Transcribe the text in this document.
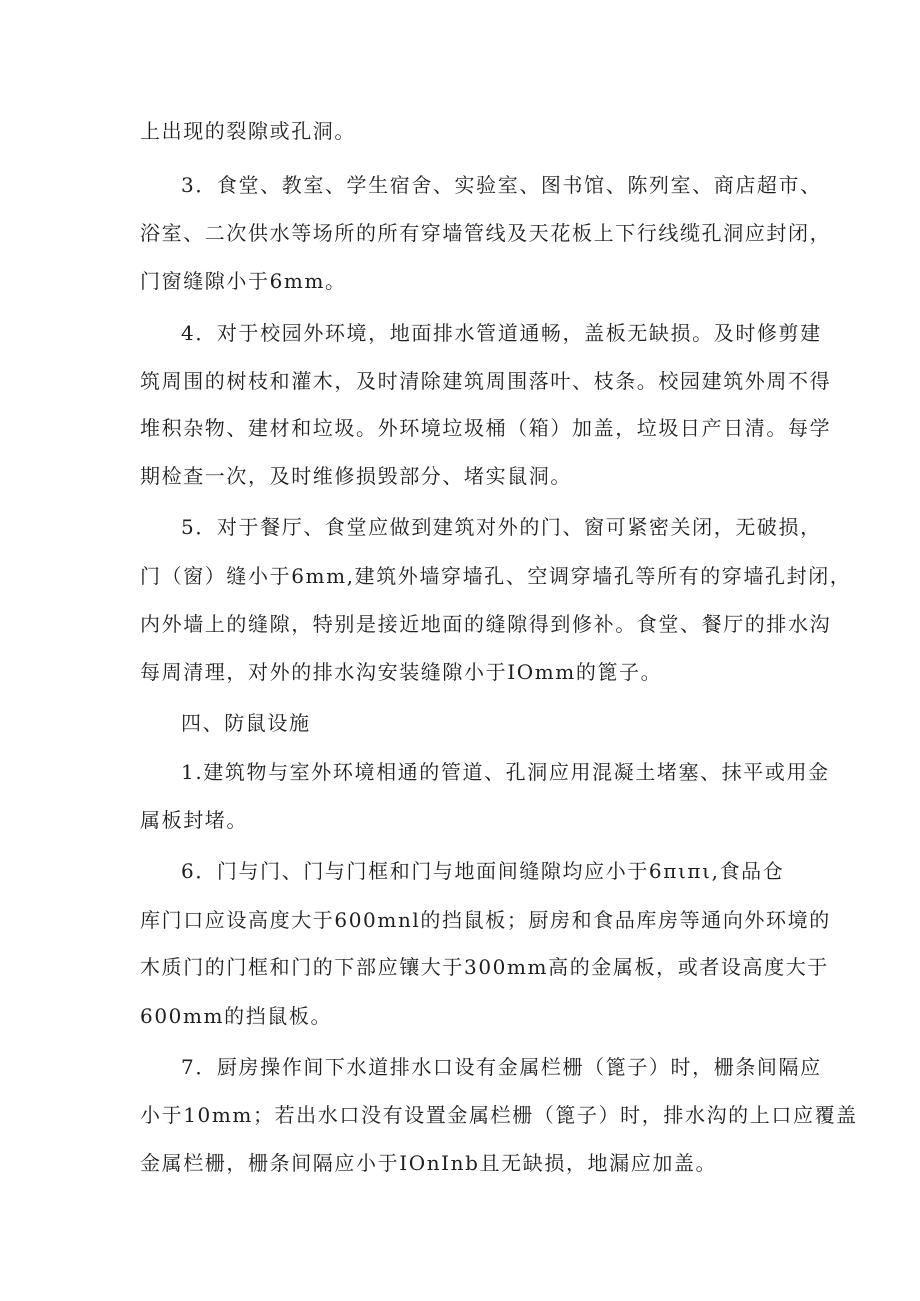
上出现的裂隙或孔洞。
3．食堂、教室、学生宿舍、实验室、图书馆、陈列室、商店超市、
浴室、二次供水等场所的所有穿墙管线及天花板上下行线缆孔洞应封闭，
门窗缝隙小于6mm。
4．对于校园外环境，地面排水管道通畅，盖板无缺损。及时修剪建
筑周围的树枝和灌木，及时清除建筑周围落叶、枝条。校园建筑外周不得
堆积杂物、建材和垃圾。外环境垃圾桶（箱）加盖，垃圾日产日清。每学
期检查一次，及时维修损毁部分、堵实鼠洞。
5．对于餐厅、食堂应做到建筑对外的门、窗可紧密关闭，无破损，
门（窗）缝小于6mm,建筑外墙穿墙孔、空调穿墙孔等所有的穿墙孔封闭，
内外墙上的缝隙，特别是接近地面的缝隙得到修补。食堂、餐厅的排水沟
每周清理，对外的排水沟安装缝隙小于IOmm的篦子。
四、防鼠设施
1.建筑物与室外环境相通的管道、孔洞应用混凝土堵塞、抹平或用金
属板封堵。
6．门与门、门与门框和门与地面间缝隙均应小于6πιπι,食品仓
库门口应设高度大于600mnl的挡鼠板；厨房和食品库房等通向外环境的
木质门的门框和门的下部应镶大于300mm高的金属板，或者设高度大于
600mm的挡鼠板。
7．厨房操作间下水道排水口设有金属栏栅（篦子）时，栅条间隔应
小于10mm；若出水口没有设置金属栏栅（篦子）时，排水沟的上口应覆盖
金属栏栅，栅条间隔应小于IOnInb且无缺损，地漏应加盖。
